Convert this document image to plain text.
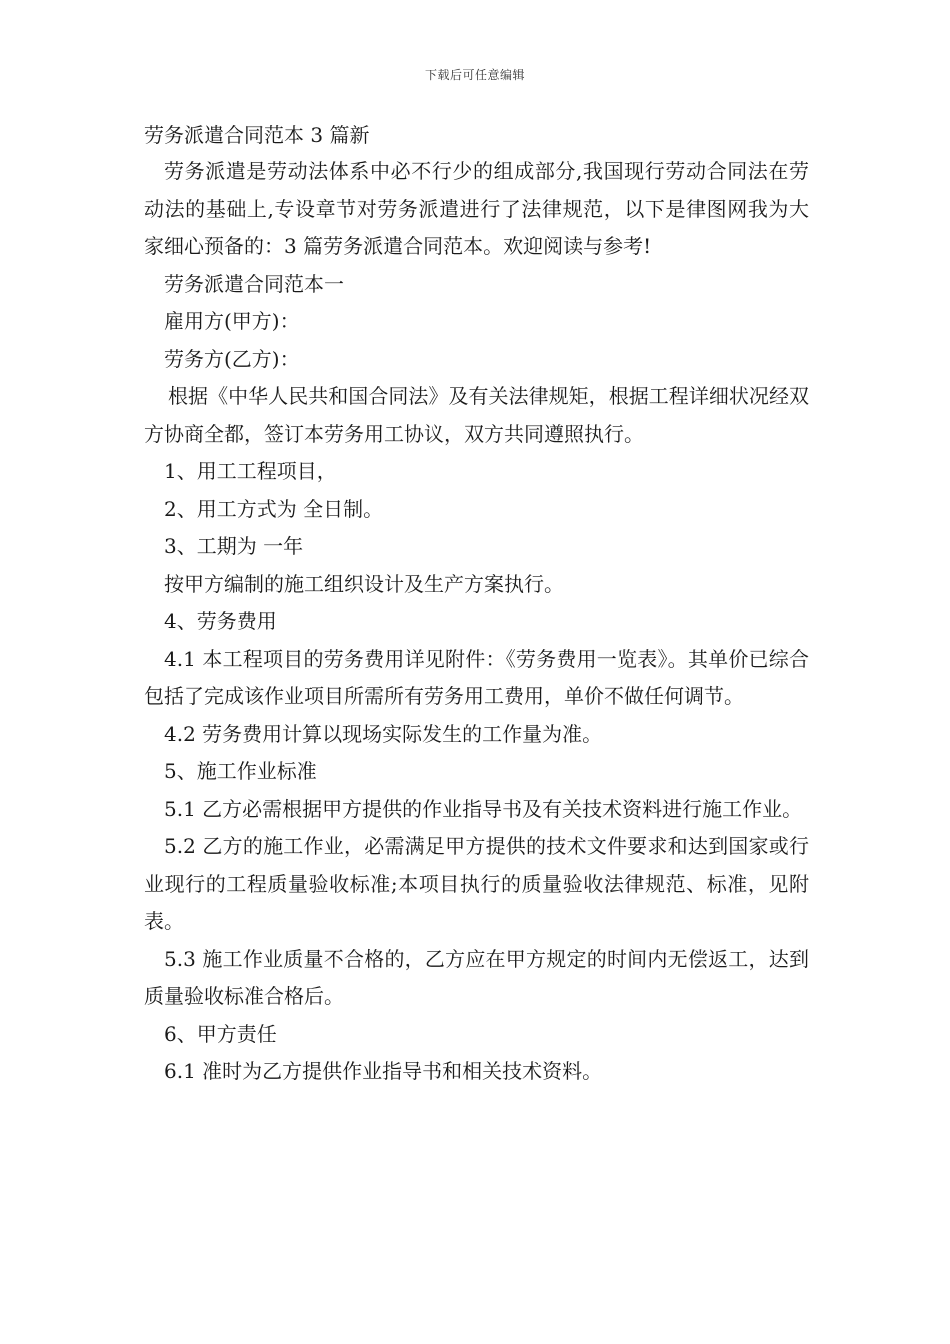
下载后可任意编辑
劳务派遣合同范本 3 篇新

劳务派遣是劳动法体系中必不行少的组成部分,我国现行劳动合同法在劳动法的基础上,专设章节对劳务派遣进行了法律规范，以下是律图网我为大家细心预备的：3 篇劳务派遣合同范本。欢迎阅读与参考!

劳务派遣合同范本一

雇用方(甲方)：

劳务方(乙方)：

根据《中华人民共和国合同法》及有关法律规矩，根据工程详细状况经双方协商全都，签订本劳务用工协议，双方共同遵照执行。

1、用工工程项目，

2、用工方式为 全日制。

3、工期为 一年

按甲方编制的施工组织设计及生产方案执行。

4、劳务费用

4.1 本工程项目的劳务费用详见附件：《劳务费用一览表》。其单价已综合包括了完成该作业项目所需所有劳务用工费用，单价不做任何调节。

4.2 劳务费用计算以现场实际发生的工作量为准。

5、施工作业标准

5.1 乙方必需根据甲方提供的作业指导书及有关技术资料进行施工作业。

5.2 乙方的施工作业，必需满足甲方提供的技术文件要求和达到国家或行业现行的工程质量验收标准;本项目执行的质量验收法律规范、标准，见附表。

5.3 施工作业质量不合格的，乙方应在甲方规定的时间内无偿返工，达到质量验收标准合格后。

6、甲方责任

6.1 准时为乙方提供作业指导书和相关技术资料。
